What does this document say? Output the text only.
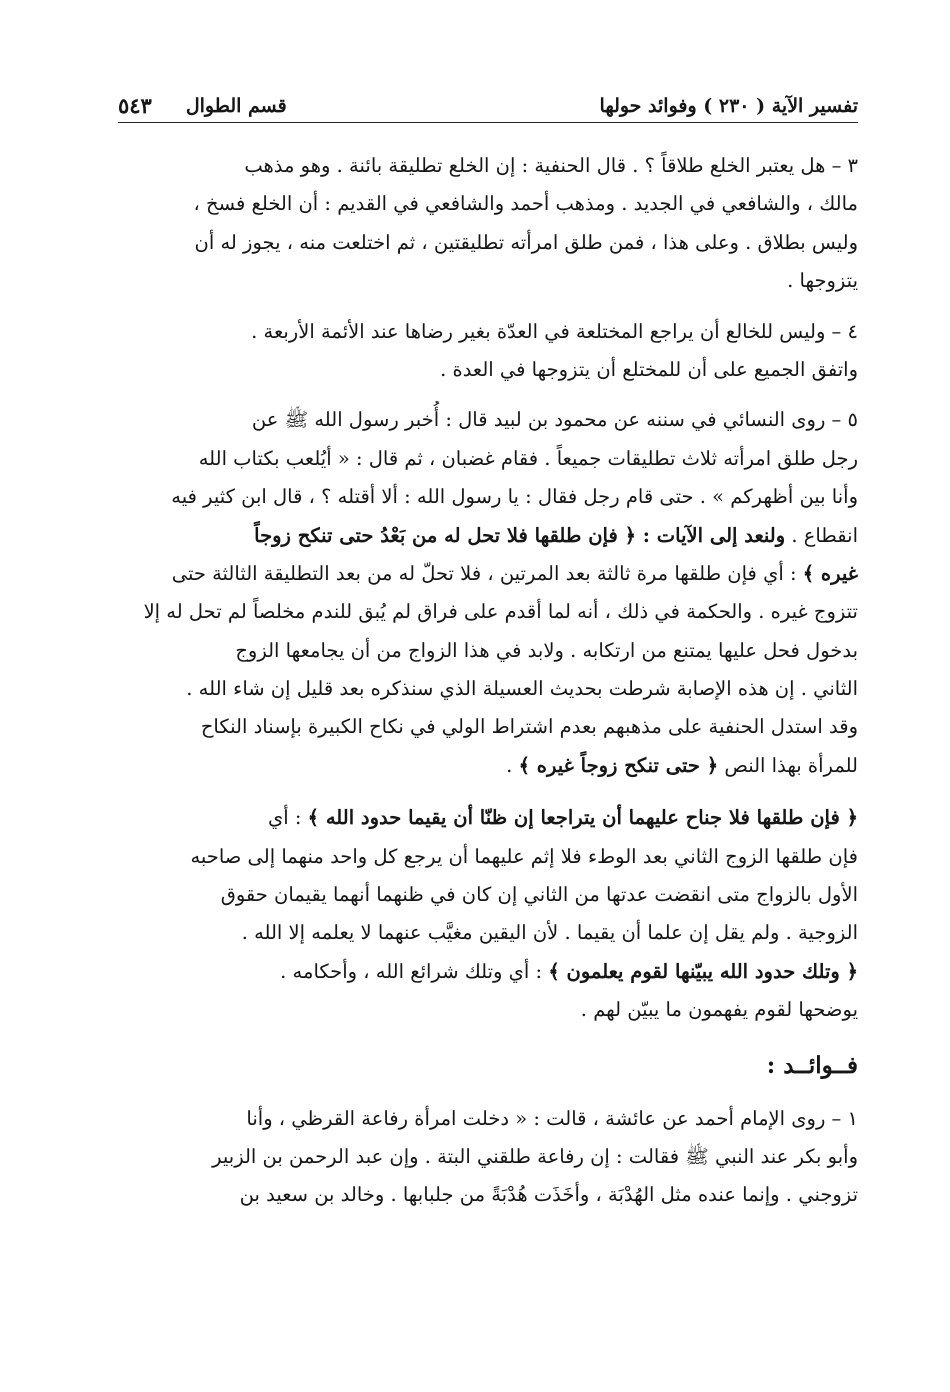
تفسير الآية ( ٢٣٠ ) وفوائد حولها
قسم الطوال
٥٤٣
٣ – هل يعتبر الخلع طلاقاً ؟ . قال الحنفية : إن الخلع تطليقة بائنة . وهو مذهب
مالك ، والشافعي في الجديد . ومذهب أحمد والشافعي في القديم : أن الخلع فسخ ،
وليس بطلاق . وعلى هذا ، فمن طلق امرأته تطليقتين ، ثم اختلعت منه ، يجوز له أن
يتزوجها .
٤ – وليس للخالع أن يراجع المختلعة في العدّة بغير رضاها عند الأئمة الأربعة .
واتفق الجميع على أن للمختلع أن يتزوجها في العدة .
٥ – روى النسائي في سننه عن محمود بن لبيد قال : أُخبر رسول الله ﷺ عن
رجل طلق امرأته ثلاث تطليقات جميعاً . فقام غضبان ، ثم قال : « أيُلعب بكتاب الله
وأنا بين أظهركم » . حتى قام رجل فقال : يا رسول الله : ألا أقتله ؟ ، قال ابن كثير فيه
انقطاع . ولنعد إلى الآيات : ﴿ فإن طلقها فلا تحل له من بَعْدُ حتى تنكح زوجاً
غيره ﴾ : أي فإن طلقها مرة ثالثة بعد المرتين ، فلا تحلّ له من بعد التطليقة الثالثة حتى
تتزوج غيره . والحكمة في ذلك ، أنه لما أقدم على فراق لم يُبق للندم مخلصاً لم تحل له إلا
بدخول فحل عليها يمتنع من ارتكابه . ولابد في هذا الزواج من أن يجامعها الزوج
الثاني . إن هذه الإصابة شرطت بحديث العسيلة الذي سنذكره بعد قليل إن شاء الله .
وقد استدل الحنفية على مذهبهم بعدم اشتراط الولي في نكاح الكبيرة بإسناد النكاح
للمرأة بهذا النص ﴿ حتى تنكح زوجاً غيره ﴾ .
﴿ فإن طلقها فلا جناح عليهما أن يتراجعا إن ظنّا أن يقيما حدود الله ﴾ : أي
فإن طلقها الزوج الثاني بعد الوطء فلا إثم عليهما أن يرجع كل واحد منهما إلى صاحبه
الأول بالزواج متى انقضت عدتها من الثاني إن كان في ظنهما أنهما يقيمان حقوق
الزوجية . ولم يقل إن علما أن يقيما . لأن اليقين مغيَّب عنهما لا يعلمه إلا الله .
﴿ وتلك حدود الله يبيّنها لقوم يعلمون ﴾ : أي وتلك شرائع الله ، وأحكامه .
يوضحها لقوم يفهمون ما يبيّن لهم .
فــوائــد :
١ – روى الإمام أحمد عن عائشة ، قالت : « دخلت امرأة رفاعة القرظي ، وأنا
وأبو بكر عند النبي ﷺ فقالت : إن رفاعة طلقني البتة . وإن عبد الرحمن بن الزبير
تزوجني . وإنما عنده مثل الهُدْبَة ، وأخَذَت هُدْبَةً من جلبابها . وخالد بن سعيد بن
